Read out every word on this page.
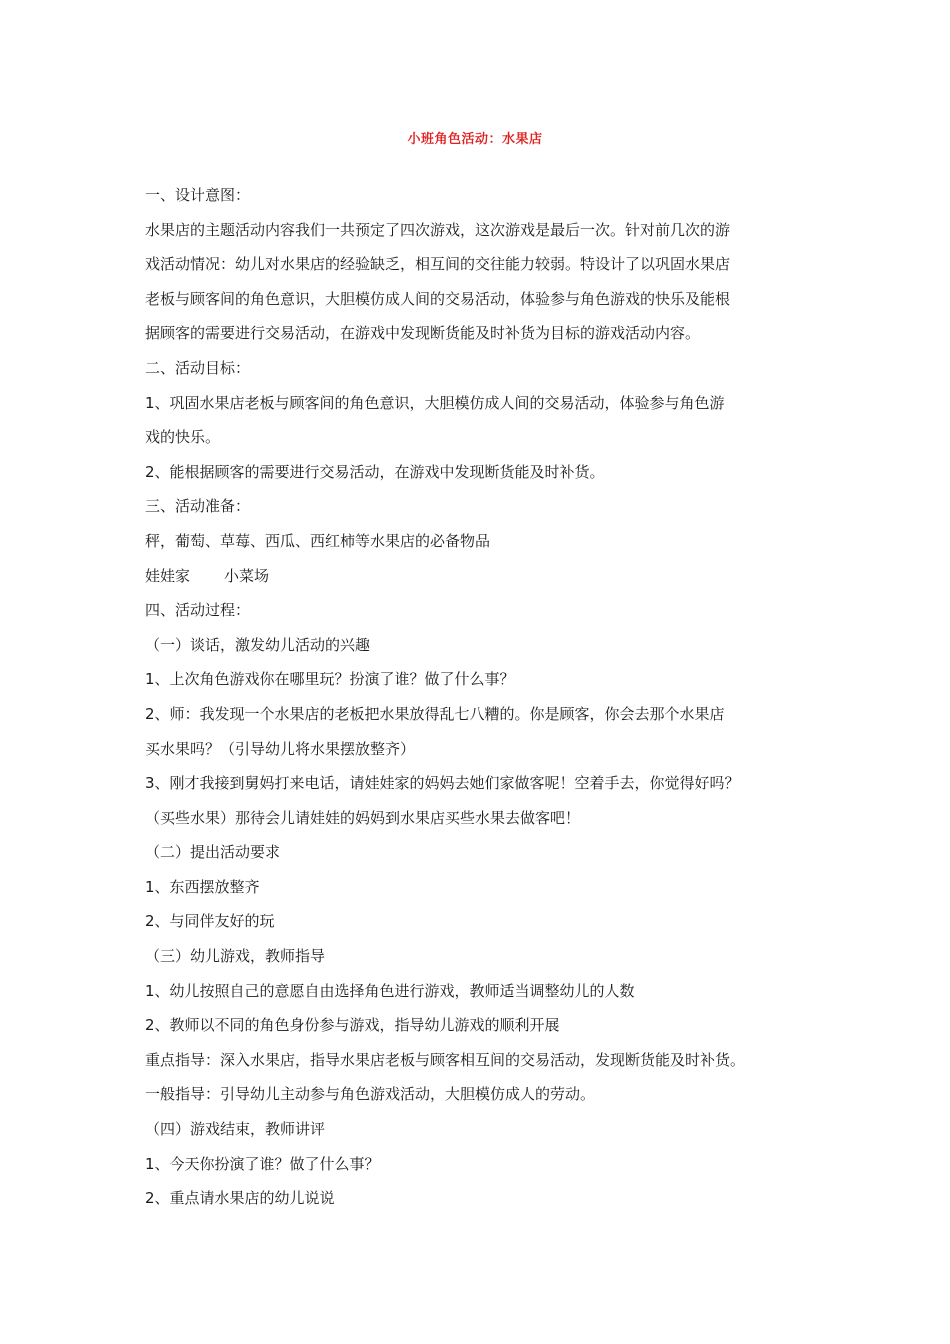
小班角色活动：水果店
一、设计意图：
水果店的主题活动内容我们一共预定了四次游戏，这次游戏是最后一次。针对前几次的游
戏活动情况：幼儿对水果店的经验缺乏，相互间的交往能力较弱。特设计了以巩固水果店
老板与顾客间的角色意识，大胆模仿成人间的交易活动，体验参与角色游戏的快乐及能根
据顾客的需要进行交易活动，在游戏中发现断货能及时补货为目标的游戏活动内容。
二、活动目标：
1、巩固水果店老板与顾客间的角色意识，大胆模仿成人间的交易活动，体验参与角色游
戏的快乐。
2、能根据顾客的需要进行交易活动，在游戏中发现断货能及时补货。
三、活动准备：
秤，葡萄、草莓、西瓜、西红柿等水果店的必备物品
娃娃家 小菜场
四、活动过程：
（一）谈话，激发幼儿活动的兴趣
1、上次角色游戏你在哪里玩？扮演了谁？做了什么事？
2、师：我发现一个水果店的老板把水果放得乱七八糟的。你是顾客，你会去那个水果店
买水果吗？（引导幼儿将水果摆放整齐）
3、刚才我接到舅妈打来电话，请娃娃家的妈妈去她们家做客呢！空着手去，你觉得好吗？
（买些水果）那待会儿请娃娃的妈妈到水果店买些水果去做客吧！
（二）提出活动要求
1、东西摆放整齐
2、与同伴友好的玩
（三）幼儿游戏，教师指导
1、幼儿按照自己的意愿自由选择角色进行游戏，教师适当调整幼儿的人数
2、教师以不同的角色身份参与游戏，指导幼儿游戏的顺利开展
重点指导：深入水果店，指导水果店老板与顾客相互间的交易活动，发现断货能及时补货。
一般指导：引导幼儿主动参与角色游戏活动，大胆模仿成人的劳动。
（四）游戏结束，教师讲评
1、今天你扮演了谁？做了什么事？
2、重点请水果店的幼儿说说
